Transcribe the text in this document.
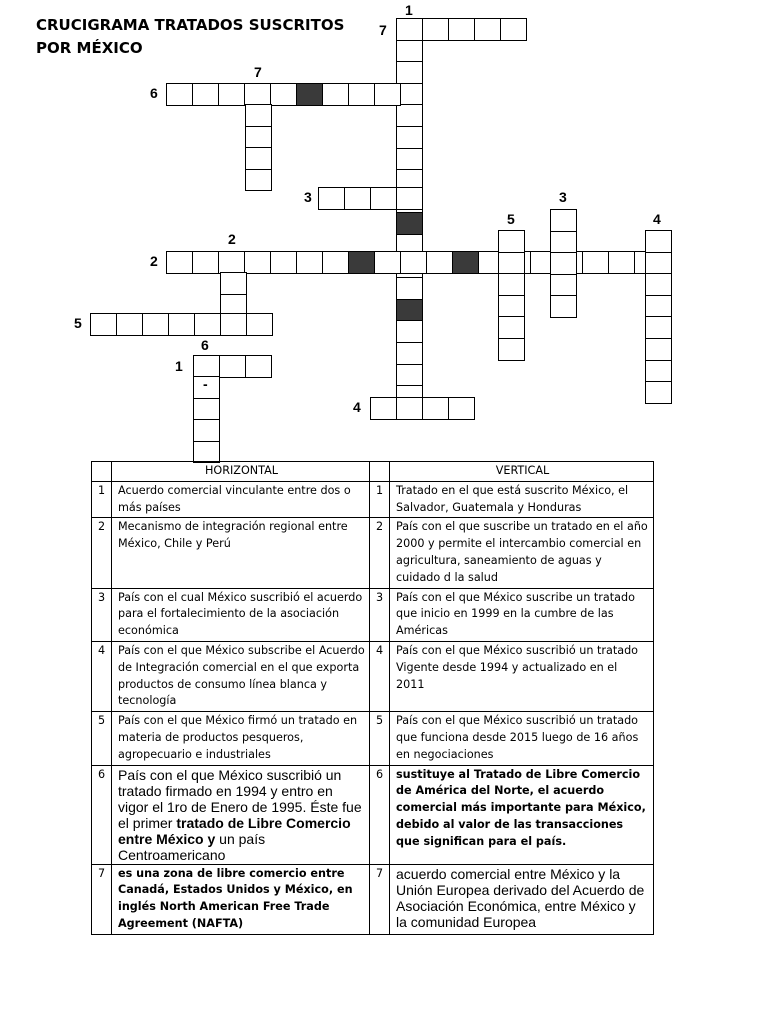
CRUCIGRAMA TRATADOS SUSCRITOS POR MÉXICO
-
1
7
7
6
3
5
3
4
2
2
5
6
1
4
	HORIZONTAL		VERTICAL
1	Acuerdo comercial vinculante entre dos o más países	1	Tratado en el que está suscrito México, el Salvador, Guatemala y Honduras
2	Mecanismo de integración regional entre México, Chile y Perú	2	País con el que suscribe un tratado en el año 2000 y permite el intercambio comercial en agricultura, saneamiento de aguas y cuidado d la salud
3	País con el cual México suscribió el acuerdo para el fortalecimiento de la asociación económica	3	País con el que México suscribe un tratado que inicio en 1999 en la cumbre de las Américas
4	País con el que México subscribe el Acuerdo de Integración comercial en el que exporta productos de consumo línea blanca y tecnología	4	País con el que México suscribió un tratado Vigente desde 1994 y actualizado en el 2011
5	País con el que México firmó un tratado en materia de productos pesqueros, agropecuario e industriales	5	País con el que México suscribió un tratado que funciona desde 2015 luego de 16 años en negociaciones
6	País con el que México suscribió un tratado firmado en 1994 y entro en vigor el 1ro de Enero de 1995. Éste fue el primer tratado de Libre Comercio entre México y un país Centroamericano	6	sustituye al Tratado de Libre Comercio de América del Norte, el acuerdo comercial más importante para México, debido al valor de las transacciones que significan para el país.
7	es una zona de libre comercio entre Canadá, Estados Unidos y México, en inglés North American Free Trade Agreement (NAFTA)	7	acuerdo comercial entre México y la Unión Europea derivado del Acuerdo de Asociación Económica, entre México y la comunidad Europea
